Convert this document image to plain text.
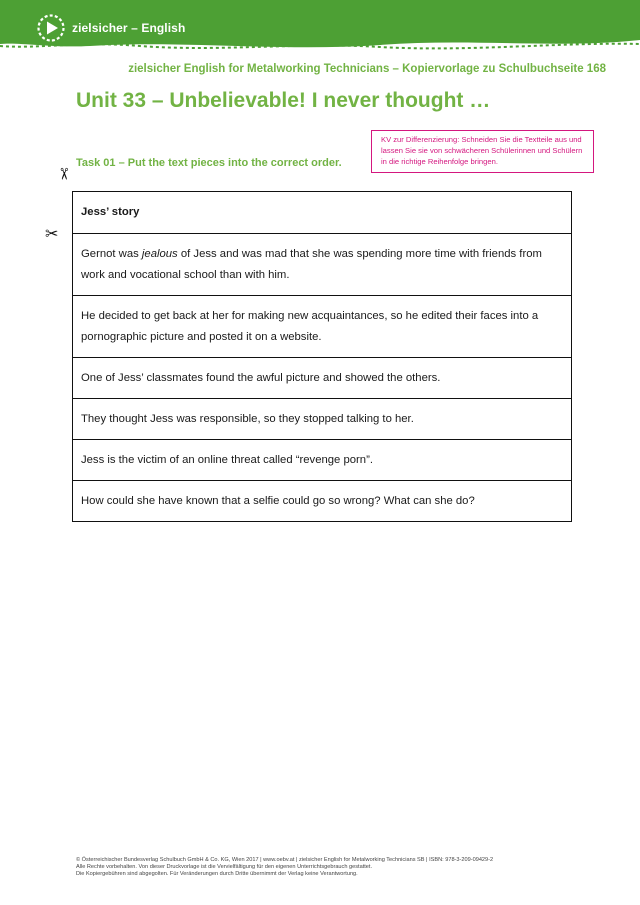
zielsicher – English
zielsicher English for Metalworking Technicians – Kopiervorlage zu Schulbuchseite 168
Unit 33 – Unbelievable! I never thought …
KV zur Differenzierung: Schneiden Sie die Textteile aus und lassen Sie sie von schwächeren Schülerinnen und Schülern in die richtige Reihenfolge bringen.
Task 01 – Put the text pieces into the correct order.
✂
✂
Jess’ story
Gernot was jealous of Jess and was mad that she was spending more time with friends from work and vocational school than with him.
He decided to get back at her for making new acquaintances, so he edited their faces into a pornographic picture and posted it on a website.
One of Jess’ classmates found the awful picture and showed the others.
They thought Jess was responsible, so they stopped talking to her.
Jess is the victim of an online threat called “revenge porn”.
How could she have known that a selfie could go so wrong? What can she do?
© Österreichischer Bundesverlag Schulbuch GmbH & Co. KG, Wien 2017 | www.oebv.at | zielsicher English for Metalworking Technicians SB | ISBN: 978-3-209-09429-2
Alle Rechte vorbehalten. Von dieser Druckvorlage ist die Vervielfältigung für den eigenen Unterrichtsgebrauch gestattet.
Die Kopiergebühren sind abgegolten. Für Veränderungen durch Dritte übernimmt der Verlag keine Verantwortung.
